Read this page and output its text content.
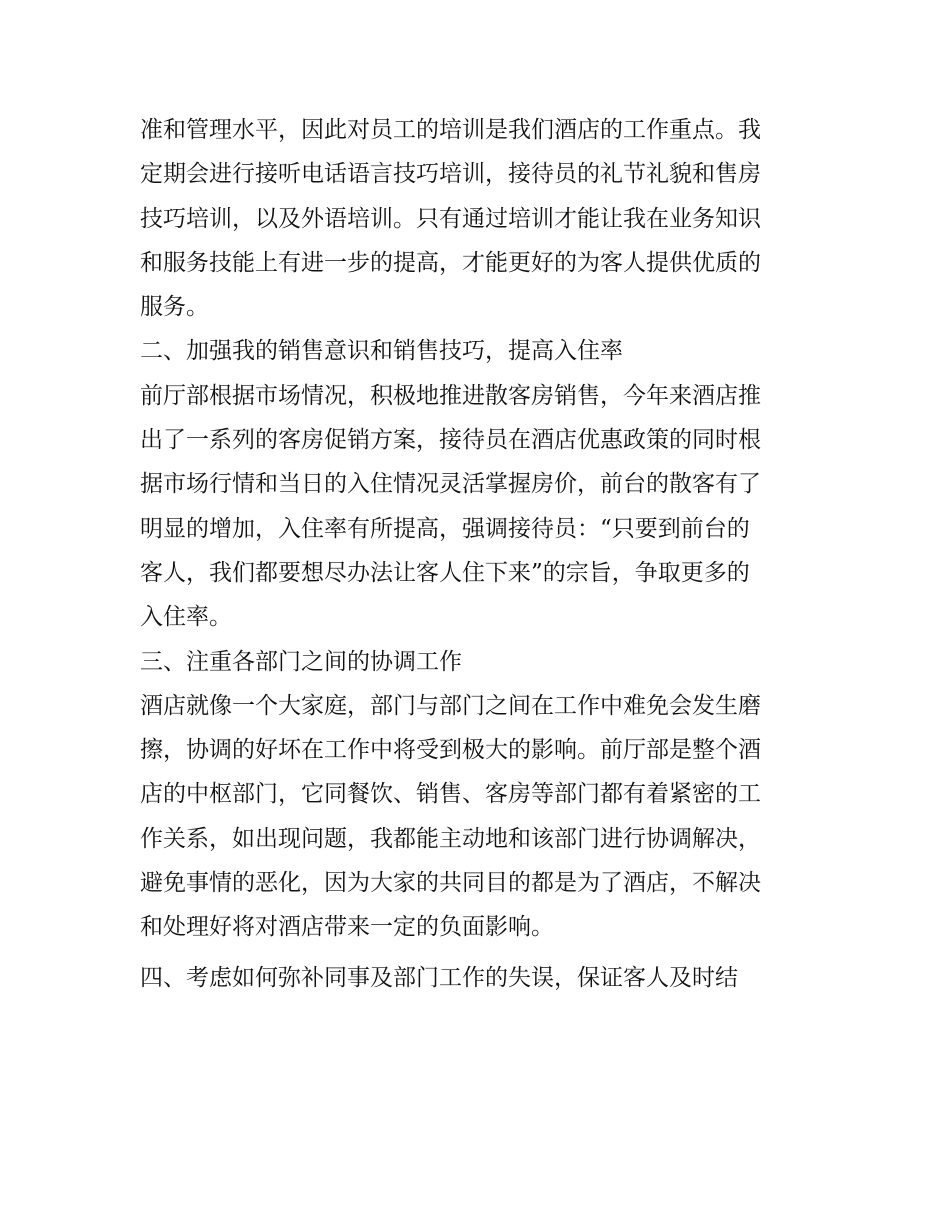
准和管理水平，因此对员工的培训是我们酒店的工作重点。我
定期会进行接听电话语言技巧培训，接待员的礼节礼貌和售房
技巧培训，以及外语培训。只有通过培训才能让我在业务知识
和服务技能上有进一步的提高，才能更好的为客人提供优质的
服务。
二、加强我的销售意识和销售技巧，提高入住率
前厅部根据市场情况，积极地推进散客房销售，今年来酒店推
出了一系列的客房促销方案，接待员在酒店优惠政策的同时根
据市场行情和当日的入住情况灵活掌握房价，前台的散客有了
明显的增加，入住率有所提高，强调接待员：“只要到前台的
客人，我们都要想尽办法让客人住下来”的宗旨，争取更多的
入住率。
三、注重各部门之间的协调工作
酒店就像一个大家庭，部门与部门之间在工作中难免会发生磨
擦，协调的好坏在工作中将受到极大的影响。前厅部是整个酒
店的中枢部门，它同餐饮、销售、客房等部门都有着紧密的工
作关系，如出现问题，我都能主动地和该部门进行协调解决，
避免事情的恶化，因为大家的共同目的都是为了酒店，不解决
和处理好将对酒店带来一定的负面影响。
四、考虑如何弥补同事及部门工作的失误，保证客人及时结
